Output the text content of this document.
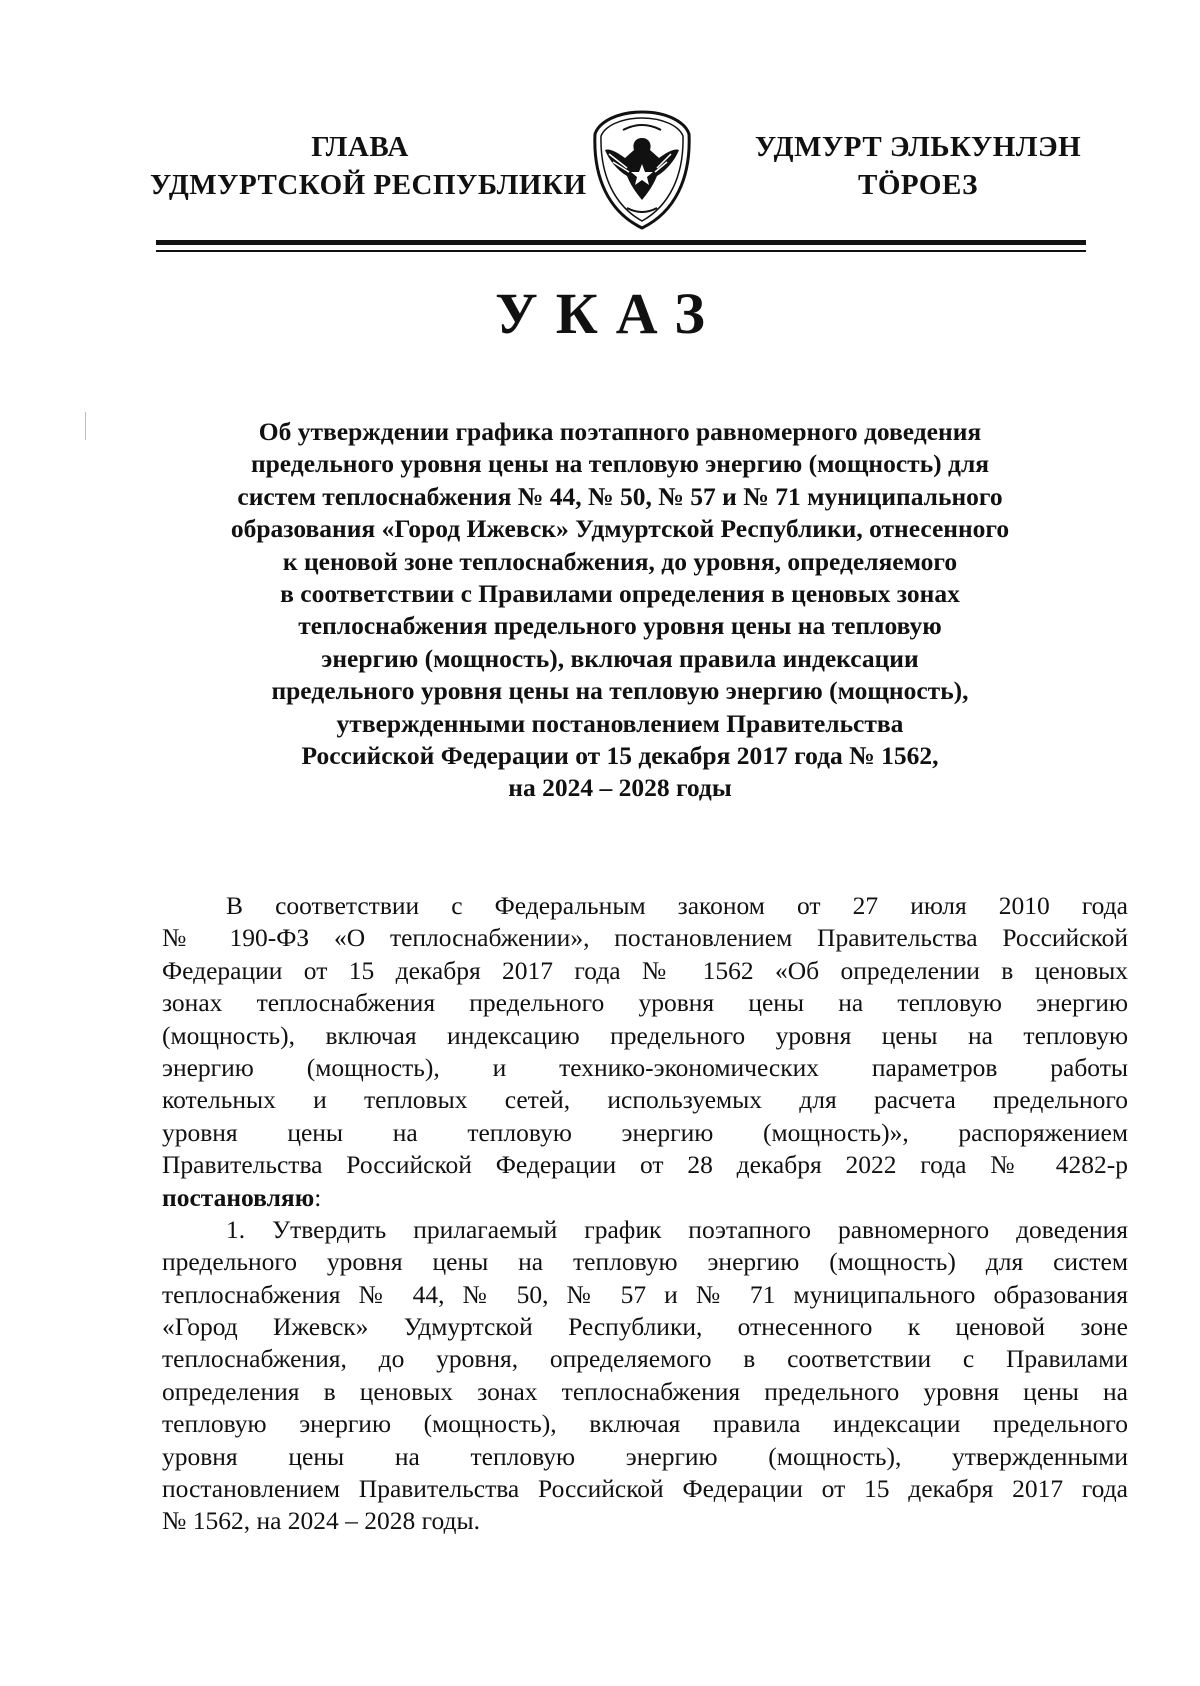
ГЛАВА
УДМУРТСКОЙ РЕСПУБЛИКИ
УДМУРТ ЭЛЬКУНЛЭН
ТӦРОЕЗ
УКАЗ
Об утверждении графика поэтапного равномерного доведения
предельного уровня цены на тепловую энергию (мощность) для
систем теплоснабжения № 44, № 50, № 57 и № 71 муниципального
образования «Город Ижевск» Удмуртской Республики, отнесенного
к ценовой зоне теплоснабжения, до уровня, определяемого
в соответствии с Правилами определения в ценовых зонах
теплоснабжения предельного уровня цены на тепловую
энергию (мощность), включая правила индексации
предельного уровня цены на тепловую энергию (мощность),
утвержденными постановлением Правительства
Российской Федерации от 15 декабря 2017 года № 1562,
на 2024 – 2028 годы
В соответствии с Федеральным законом от 27 июля 2010 года
№ 190-ФЗ «О теплоснабжении», постановлением Правительства Российской
Федерации от 15 декабря 2017 года № 1562 «Об определении в ценовых
зонах теплоснабжения предельного уровня цены на тепловую энергию
(мощность), включая индексацию предельного уровня цены на тепловую
энергию (мощность), и технико-экономических параметров работы
котельных и тепловых сетей, используемых для расчета предельного
уровня цены на тепловую энергию (мощность)», распоряжением
Правительства Российской Федерации от 28 декабря 2022 года № 4282-р
постановляю:
1. Утвердить прилагаемый график поэтапного равномерного доведения
предельного уровня цены на тепловую энергию (мощность) для систем
теплоснабжения № 44, № 50, № 57 и № 71 муниципального образования
«Город Ижевск» Удмуртской Республики, отнесенного к ценовой зоне
теплоснабжения, до уровня, определяемого в соответствии с Правилами
определения в ценовых зонах теплоснабжения предельного уровня цены на
тепловую энергию (мощность), включая правила индексации предельного
уровня цены на тепловую энергию (мощность), утвержденными
постановлением Правительства Российской Федерации от 15 декабря 2017 года
№ 1562, на 2024 – 2028 годы.
